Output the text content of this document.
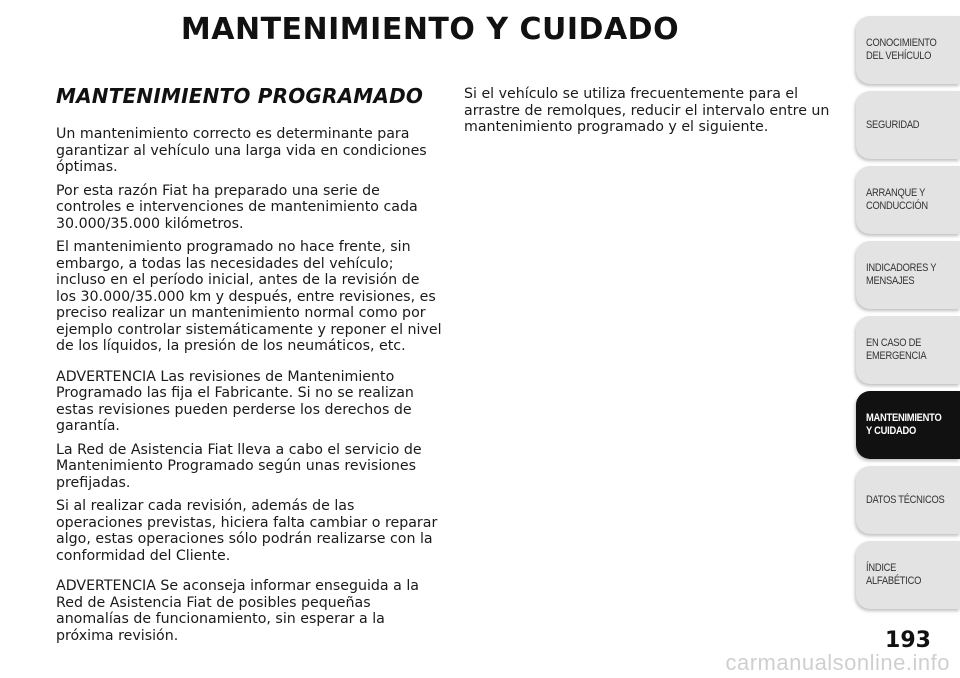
MANTENIMIENTO Y CUIDADO
MANTENIMIENTO PROGRAMADO

Un mantenimiento correcto es determinante para garantizar al vehículo una larga vida en condiciones óptimas.

Por esta razón Fiat ha preparado una serie de controles e intervenciones de mantenimiento cada 30.000/35.000 kilómetros.

El mantenimiento programado no hace frente, sin embargo, a todas las necesidades del vehículo; incluso en el período inicial, antes de la revisión de los 30.000/35.000 km y después, entre revisiones, es preciso realizar un mantenimiento normal como por ejemplo controlar sistemáticamente y reponer el nivel de los líquidos, la presión de los neumáticos, etc.

ADVERTENCIA Las revisiones de Mantenimiento Programado las fija el Fabricante. Si no se realizan estas revisiones pueden perderse los derechos de garantía.

La Red de Asistencia Fiat lleva a cabo el servicio de Mantenimiento Programado según unas revisiones prefijadas.

Si al realizar cada revisión, además de las operaciones previstas, hiciera falta cambiar o reparar algo, estas operaciones sólo podrán realizarse con la conformidad del Cliente.

ADVERTENCIA Se aconseja informar enseguida a la Red de Asistencia Fiat de posibles pequeñas anomalías de funcionamiento, sin esperar a la próxima revisión.

Si el vehículo se utiliza frecuentemente para el arrastre de remolques, reducir el intervalo entre un mantenimiento programado y el siguiente.

CONOCIMIENTO
DEL VEHÍCULO
SEGURIDAD
ARRANQUE Y
CONDUCCIÓN
INDICADORES Y
MENSAJES
EN CASO DE
EMERGENCIA
MANTENIMIENTO
Y CUIDADO
DATOS TÉCNICOS
ÍNDICE ALFABÉTICO
193
carmanualsonline.info
